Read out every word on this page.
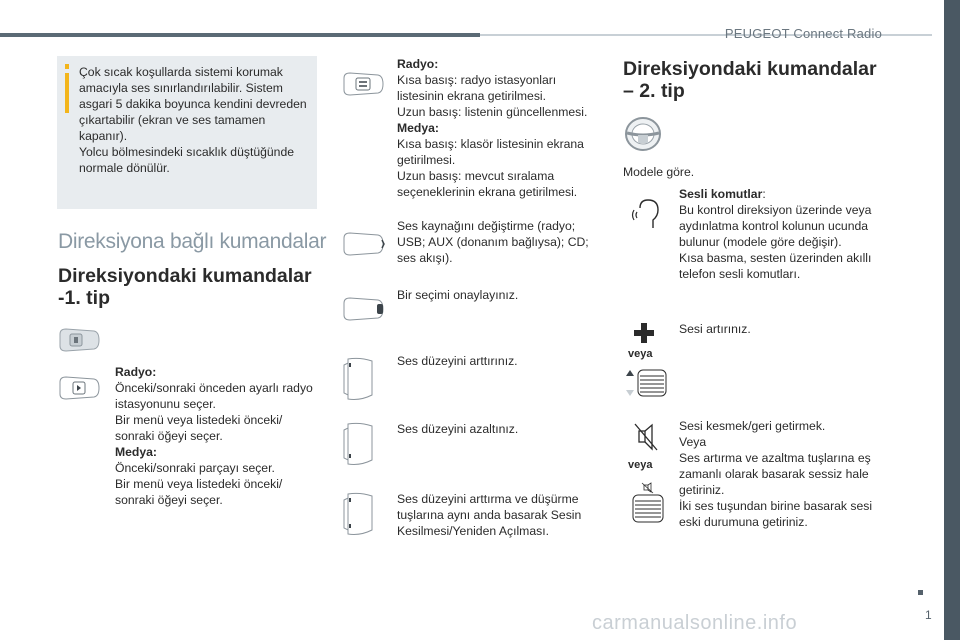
PEUGEOT Connect Radio
Çok sıcak koşullarda sistemi korumak
amacıyla ses sınırlandırılabilir. Sistem
asgari 5 dakika boyunca kendini devreden
çıkartabilir (ekran ve ses tamamen
kapanır).
Yolcu bölmesindeki sıcaklık düştüğünde
normale dönülür.
Direksiyona bağlı kumandalar
Direksiyondaki kumandalar
-1. tip
Radyo:
Önceki/sonraki önceden ayarlı radyo
istasyonunu seçer.
Bir menü veya listedeki önceki/
sonraki öğeyi seçer.
Medya:
Önceki/sonraki parçayı seçer.
Bir menü veya listedeki önceki/
sonraki öğeyi seçer.
Radyo:
Kısa basış: radyo istasyonları
listesinin ekrana getirilmesi.
Uzun basış: listenin güncellenmesi.
Medya:
Kısa basış: klasör listesinin ekrana
getirilmesi.
Uzun basış: mevcut sıralama
seçeneklerinin ekrana getirilmesi.
Ses kaynağını değiştirme (radyo;
USB; AUX (donanım bağlıysa); CD;
ses akışı).
Bir seçimi onaylayınız.
Ses düzeyini arttırınız.
Ses düzeyini azaltınız.
Ses düzeyini arttırma ve düşürme
tuşlarına aynı anda basarak Sesin
Kesilmesi/Yeniden Açılması.
Direksiyondaki kumandalar
– 2. tip
Modele göre.
Sesli komutlar:
Bu kontrol direksiyon üzerinde veya
aydınlatma kontrol kolunun ucunda
bulunur (modele göre değişir).
Kısa basma, sesten üzerinden akıllı
telefon sesli komutları.
veya
Sesi artırınız.
veya
Sesi kesmek/geri getirmek.
Veya
Ses artırma ve azaltma tuşlarına eş
zamanlı olarak basarak sessiz hale
getiriniz.
İki ses tuşundan birine basarak sesi
eski durumuna getiriniz.
1
carmanualsonline.info
